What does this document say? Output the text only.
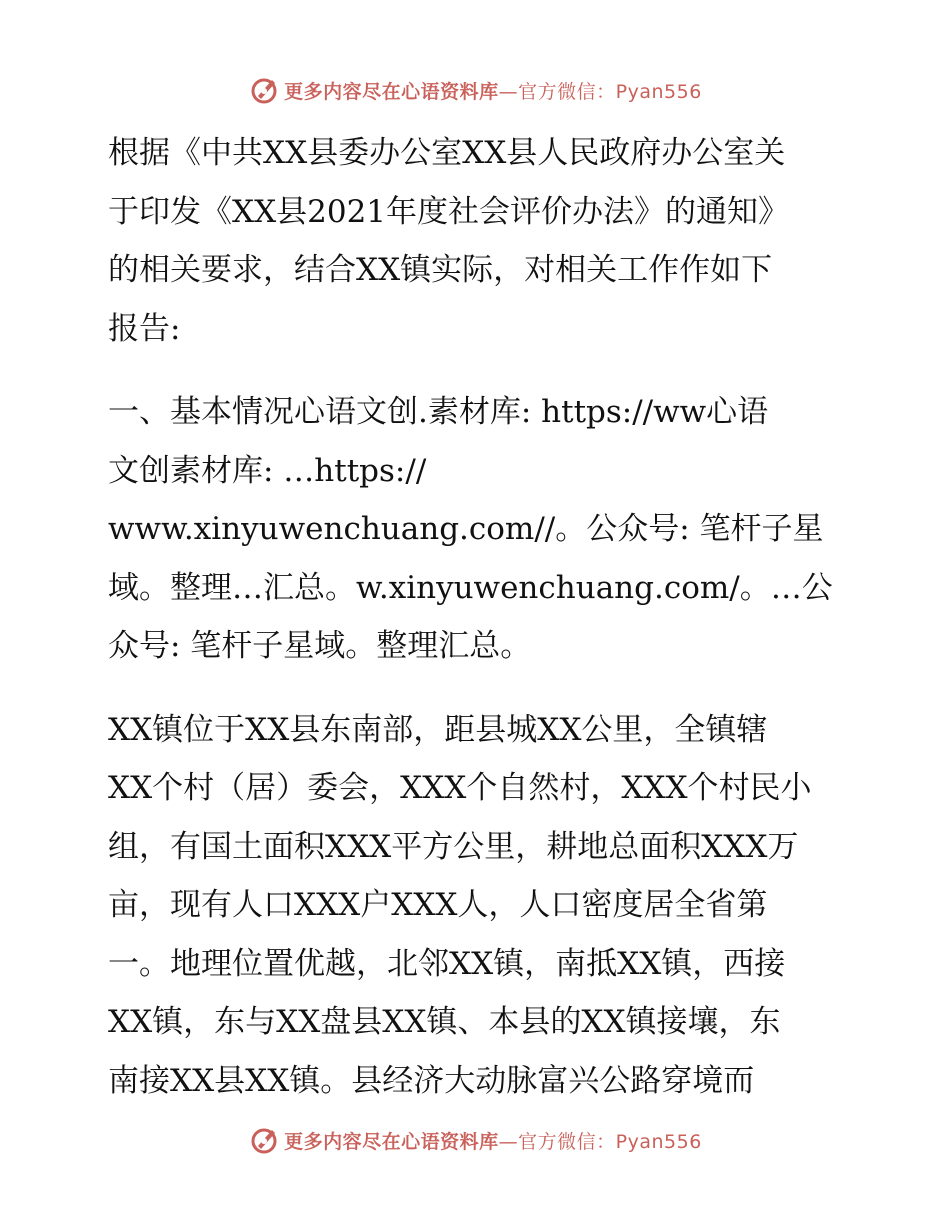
更多内容尽在心语资料库—官方微信：Pyan556

根据《中共XX县委办公室XX县人民政府办公室关
于印发《XX县2021年度社会评价办法》的通知》
的相关要求，结合XX镇实际，对相关工作作如下
报告:

一、基本情况心语文创.素材库: https://ww心语
文创素材库: …https://
www.xinyuwenchuang.com//。公众号: 笔杆子星
域。整理…汇总。w.xinyuwenchuang.com/。…公
众号: 笔杆子星域。整理汇总。

XX镇位于XX县东南部，距县城XX公里，全镇辖
XX个村（居）委会，XXX个自然村，XXX个村民小
组，有国土面积XXX平方公里，耕地总面积XXX万
亩，现有人口XXX户XXX人，人口密度居全省第
一。地理位置优越，北邻XX镇，南抵XX镇，西接
XX镇，东与XX盘县XX镇、本县的XX镇接壤，东
南接XX县XX镇。县经济大动脉富兴公路穿境而

更多内容尽在心语资料库—官方微信：Pyan556
